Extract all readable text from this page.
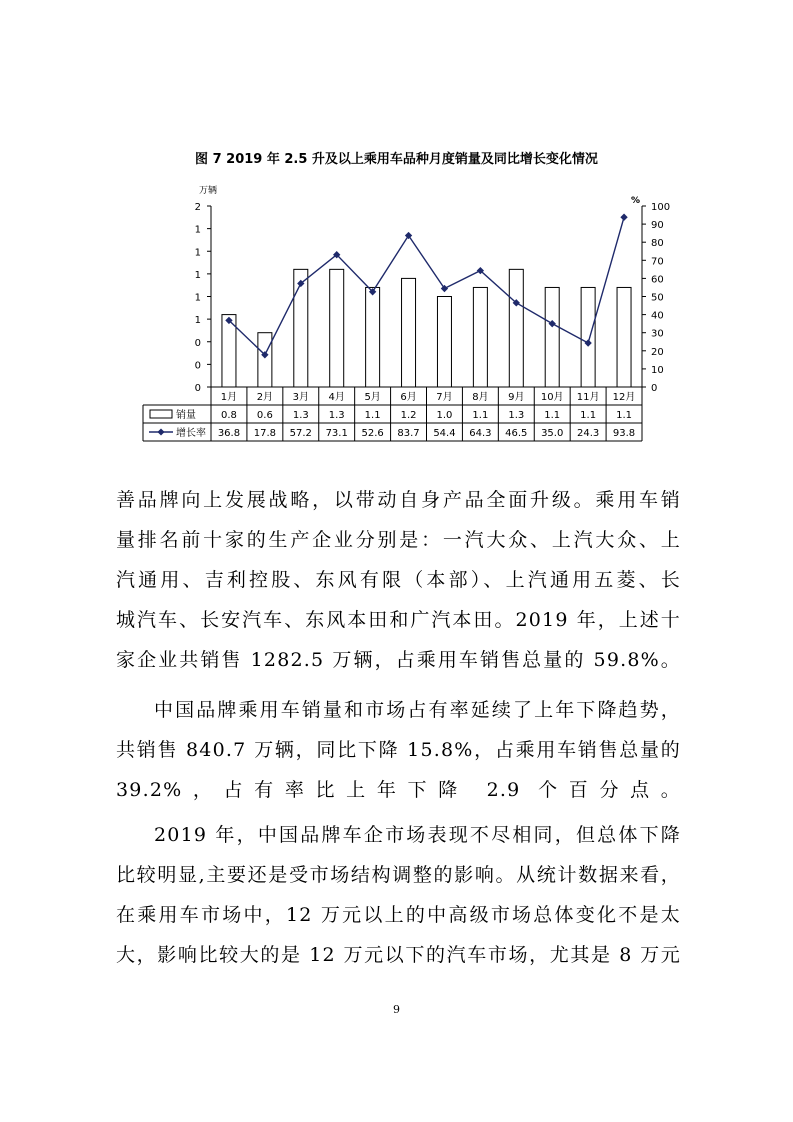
图 7 2019 年 2.5 升及以上乘用车品种月度销量及同比增长变化情况
1月 2月 3月 4月 5月 6月 7月 8月 9月 10月 11月 12月
销量	0.8 0.6 1.3 1.3 1.1 1.2 1.0 1.1 1.3 1.1 1.1 1.1
增长率 36.8 17.8 57.2 73.1 52.6 83.7 54.4 64.3 46.5 35.0 24.3 93.8
2
1
1
1
1
1
0
0
0
万辆
100
90
80
70
60
50
40
30
20
10
0
%

善品牌向上发展战略，以带动自身产品全面升级。乘用车销
量排名前十家的生产企业分别是：一汽大众、上汽大众、上
汽通用、吉利控股、东风有限（本部）、上汽通用五菱、长
城汽车、长安汽车、东风本田和广汽本田。2019 年，上述十
家企业共销售 1282.5 万辆，占乘用车销售总量的 59.8%。

中国品牌乘用车销量和市场占有率延续了上年下降趋势，
共销售 840.7 万辆，同比下降 15.8%，占乘用车销售总量的
39.2%，占有率比上年下降 2.9 个百分点。

2019 年，中国品牌车企市场表现不尽相同，但总体下降
比较明显,主要还是受市场结构调整的影响。从统计数据来看，
在乘用车市场中，12 万元以上的中高级市场总体变化不是太
大，影响比较大的是 12 万元以下的汽车市场，尤其是 8 万元

9
